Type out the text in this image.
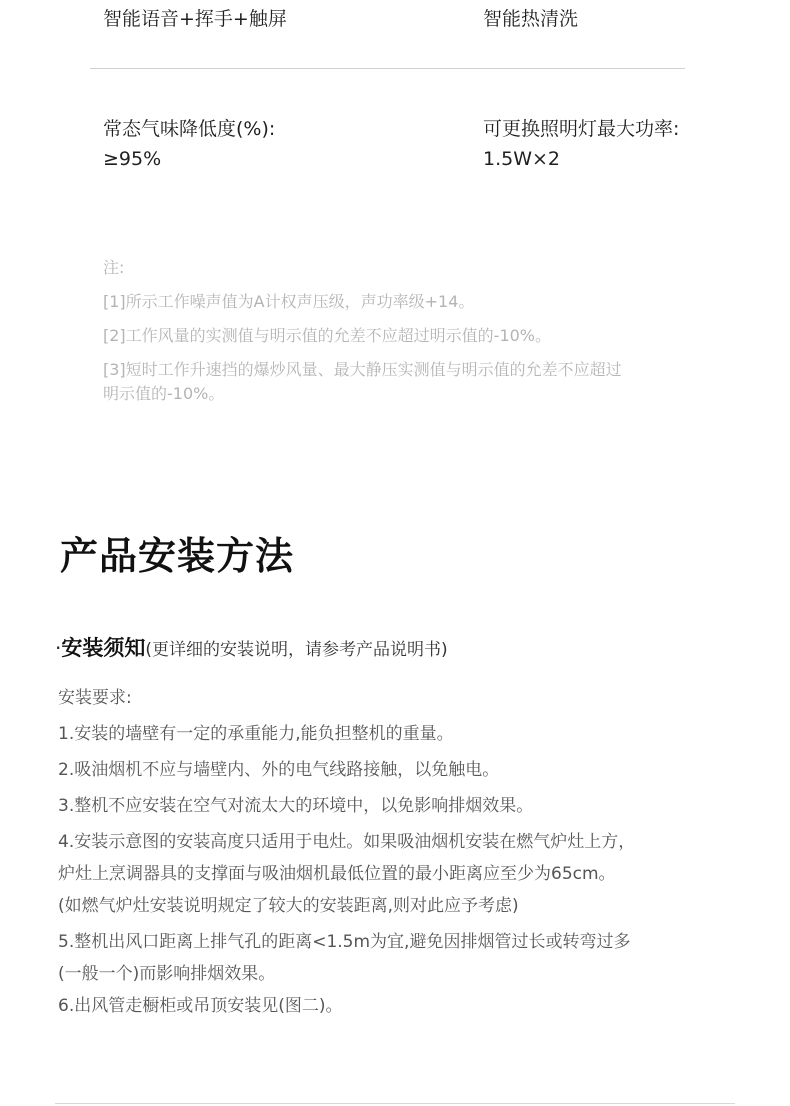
智能语音+挥手+触屏	智能热清洗
常态气味降低度(%):
≥95%
可更换照明灯最大功率:
1.5W×2
注:
[1]所示工作噪声值为A计权声压级，声功率级+14。
[2]工作风量的实测值与明示值的允差不应超过明示值的-10%。
[3]短时工作升速挡的爆炒风量、最大静压实测值与明示值的允差不应超过
明示值的-10%。
产品安装方法
·安装须知(更详细的安装说明，请参考产品说明书)
安装要求:
1.安装的墙壁有一定的承重能力,能负担整机的重量。
2.吸油烟机不应与墙壁内、外的电气线路接触，以免触电。
3.整机不应安装在空气对流太大的环境中，以免影响排烟效果。
4.安装示意图的安装高度只适用于电灶。如果吸油烟机安装在燃气炉灶上方，
炉灶上烹调器具的支撑面与吸油烟机最低位置的最小距离应至少为65cm。
(如燃气炉灶安装说明规定了较大的安装距离,则对此应予考虑)
5.整机出风口距离上排气孔的距离<1.5m为宜,避免因排烟管过长或转弯过多
(一般一个)而影响排烟效果。
6.出风管走橱柜或吊顶安装见(图二)。
